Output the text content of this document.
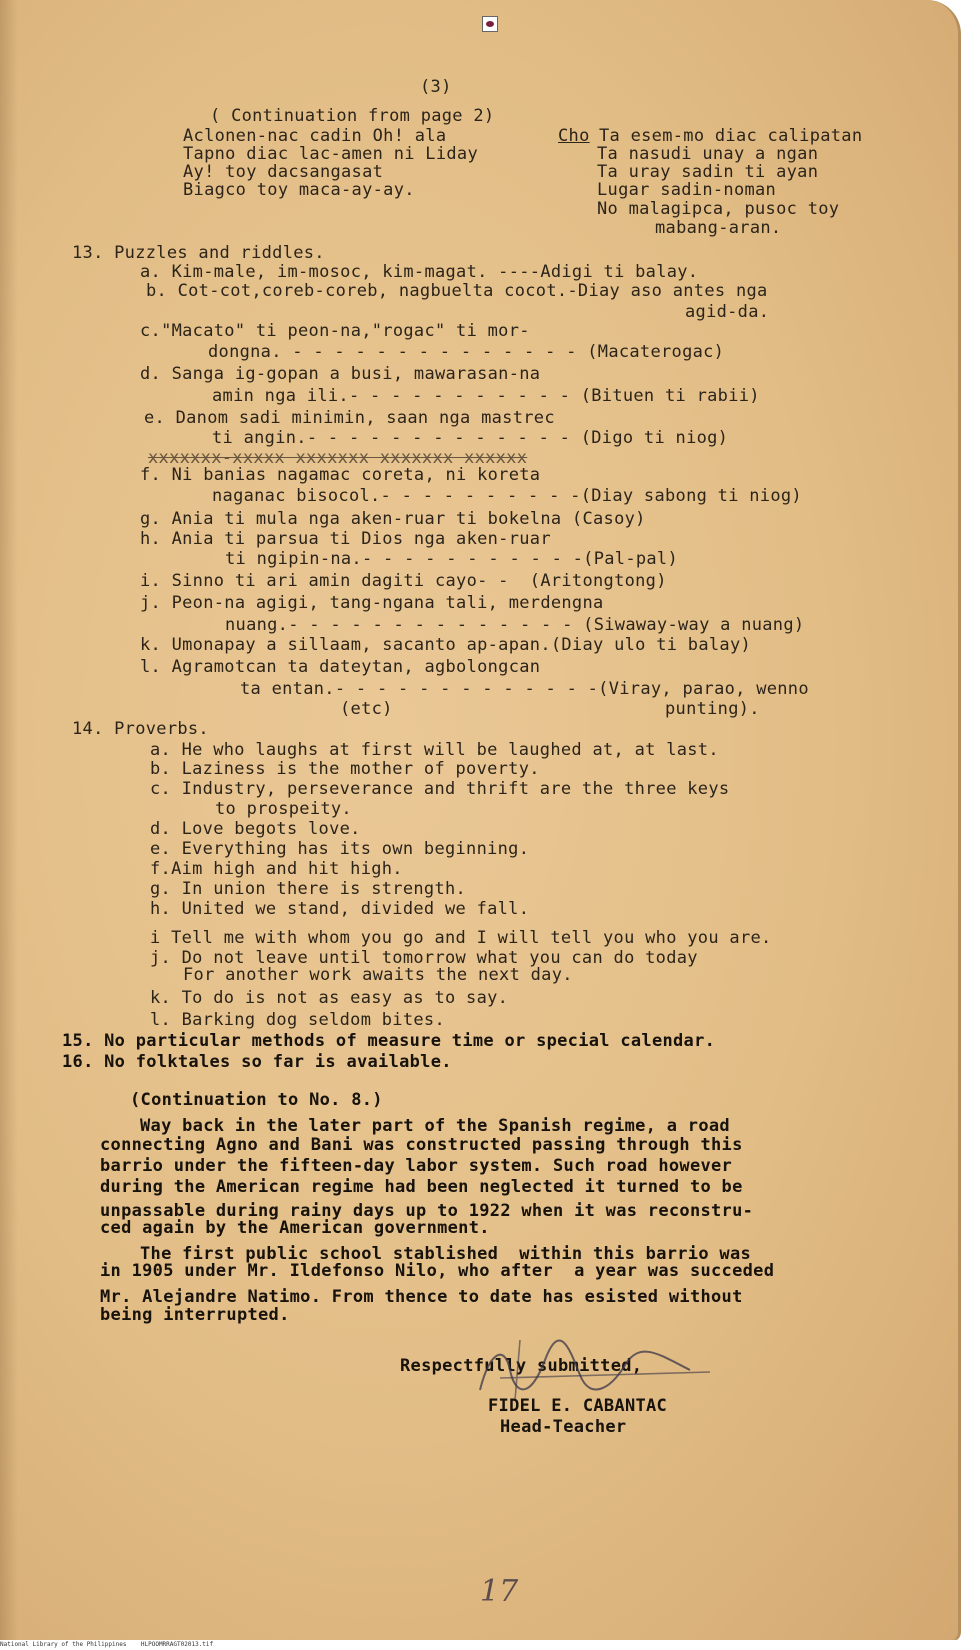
(3)
( Continuation from page 2)
Aclonen-nac cadin Oh! ala
Tapno diac lac-amen ni Liday
Ay! toy dacsangasat
Biagco toy maca-ay-ay.
Cho Ta esem-mo diac calipatan
Ta nasudi unay a ngan
Ta uray sadin ti ayan
Lugar sadin-noman
No malagipca, pusoc toy
mabang-aran.
13. Puzzles and riddles.
a. Kim-male, im-mosoc, kim-magat. ----Adigi ti balay.
b. Cot-cot,coreb-coreb, nagbuelta cocot.-Diay aso antes nga
agid-da.
c."Macato" ti peon-na,"rogac" ti mor-
dongna. - - - - - - - - - - - - - - (Macaterogac)
d. Sanga ig-gopan a busi, mawarasan-na
amin nga ili.- - - - - - - - - - - (Bituen ti rabii)
e. Danom sadi minimin, saan nga mastrec
ti angin.- - - - - - - - - - - - - (Digo ti niog)
xxxxxxx-xxxxx xxxxxxx xxxxxxx xxxxxx
f. Ni banias nagamac coreta, ni koreta
naganac bisocol.- - - - - - - - - -(Diay sabong ti niog)
g. Ania ti mula nga aken-ruar ti bokelna (Casoy)
h. Ania ti parsua ti Dios nga aken-ruar
ti ngipin-na.- - - - - - - - - - -(Pal-pal)
i. Sinno ti ari amin dagiti cayo- -  (Aritongtong)
j. Peon-na agigi, tang-ngana tali, merdengna
nuang.- - - - - - - - - - - - - - (Siwaway-way a nuang)
k. Umonapay a sillaam, sacanto ap-apan.(Diay ulo ti balay)
l. Agramotcan ta dateytan, agbolongcan
ta entan.- - - - - - - - - - - - -(Viray, parao, wenno
(etc)	punting).
14. Proverbs.
a. He who laughs at first will be laughed at, at last.
b. Laziness is the mother of poverty.
c. Industry, perseverance and thrift are the three keys
to prospeity.
d. Love begots love.
e. Everything has its own beginning.
f.Aim high and hit high.
g. In union there is strength.
h. United we stand, divided we fall.
i Tell me with whom you go and I will tell you who you are.
j. Do not leave until tomorrow what you can do today
For another work awaits the next day.
k. To do is not as easy as to say.
l. Barking dog seldom bites.
15. No particular methods of measure time or special calendar.
16. No folktales so far is available.
(Continuation to No. 8.)
Way back in the later part of the Spanish regime, a road
connecting Agno and Bani was constructed passing through this
barrio under the fifteen-day labor system. Such road however
during the American regime had been neglected it turned to be
unpassable during rainy days up to 1922 when it was reconstru-
ced again by the American government.
The first public school stablished  within this barrio was
in 1905 under Mr. Ildefonso Nilo, who after  a year was succeded
Mr. Alejandre Natimo. From thence to date has esisted without
being interrupted.
Respectfully submitted,
FIDEL E. CABANTAC
Head-Teacher
17
National Library of the Philippines    HLPOOMRRAGT02013.tif
